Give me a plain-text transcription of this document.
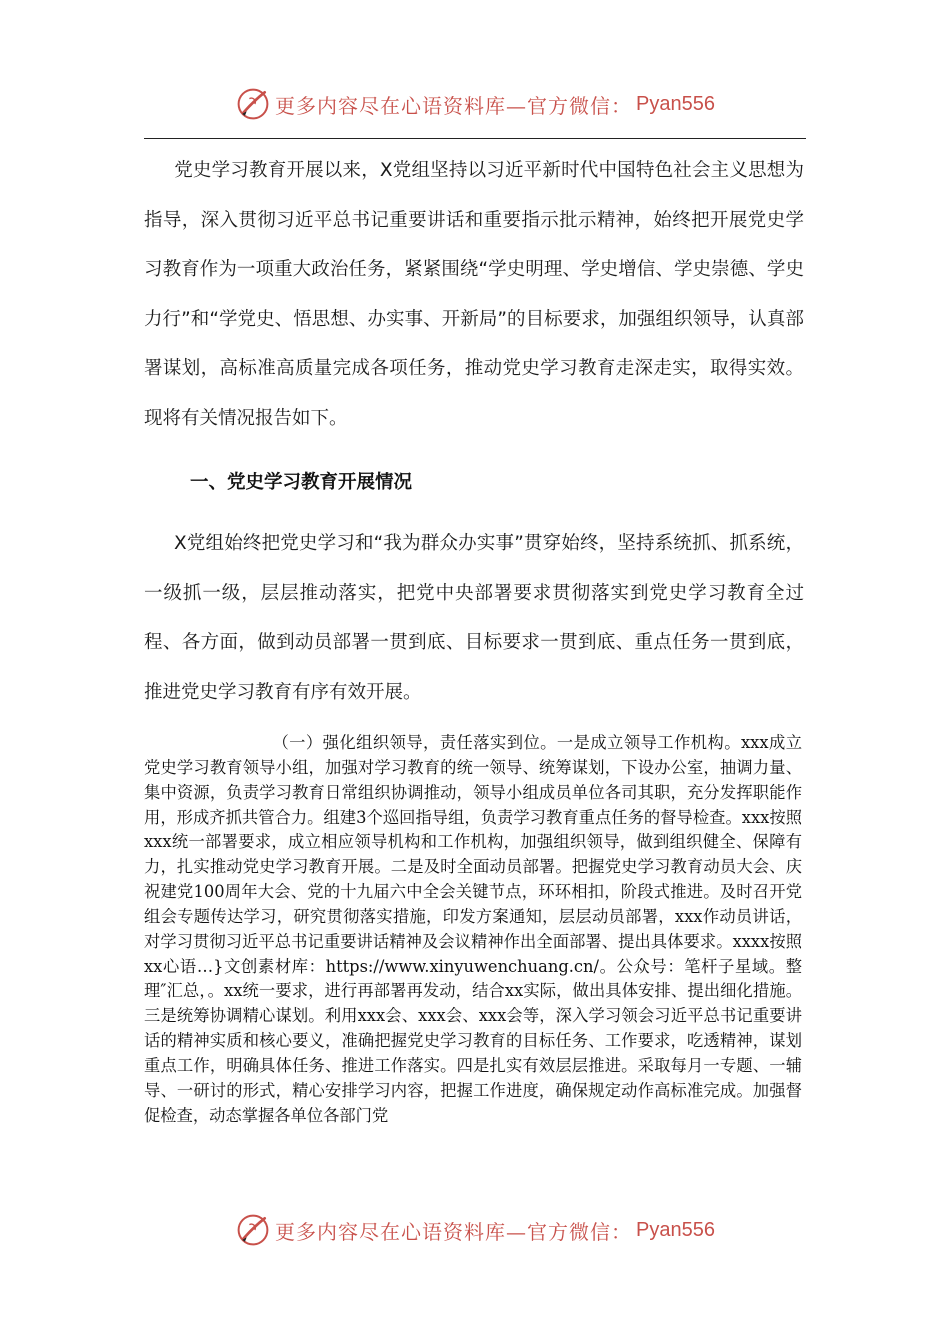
更多内容尽在心语资料库—官方微信： Pyan556

党史学习教育开展以来，X党组坚持以习近平新时代中国特色社会主义思想为指导，深入贯彻习近平总书记重要讲话和重要指示批示精神，始终把开展党史学习教育作为一项重大政治任务，紧紧围绕“学史明理、学史增信、学史崇德、学史力行”和“学党史、悟思想、办实事、开新局”的目标要求，加强组织领导，认真部署谋划，高标准高质量完成各项任务，推动党史学习教育走深走实，取得实效。现将有关情况报告如下。

一、党史学习教育开展情况

X党组始终把党史学习和“我为群众办实事”贯穿始终，坚持系统抓、抓系统，一级抓一级，层层推动落实，把党中央部署要求贯彻落实到党史学习教育全过程、各方面，做到动员部署一贯到底、目标要求一贯到底、重点任务一贯到底，推进党史学习教育有序有效开展。

（一）强化组织领导，责任落实到位。一是成立领导工作机构。xxx成立党史学习教育领导小组，加强对学习教育的统一领导、统筹谋划，下设办公室，抽调力量、集中资源，负责学习教育日常组织协调推动，领导小组成员单位各司其职，充分发挥职能作用，形成齐抓共管合力。组建3个巡回指导组，负责学习教育重点任务的督导检查。xxx按照xxx统一部署要求，成立相应领导机构和工作机构，加强组织领导，做到组织健全、保障有力，扎实推动党史学习教育开展。二是及时全面动员部署。把握党史学习教育动员大会、庆祝建党100周年大会、党的十九届六中全会关键节点，环环相扣，阶段式推进。及时召开党组会专题传达学习，研究贯彻落实措施，印发方案通知，层层动员部署，xxx作动员讲话，对学习贯彻习近平总书记重要讲话精神及会议精神作出全面部署、提出具体要求。xxxx按照xx心语…}文创素材库：https://www.xinyuwenchuang.cn/。公众号：笔杆子星域。整理″汇总，。xx统一要求，进行再部署再发动，结合xx实际，做出具体安排、提出细化措施。三是统筹协调精心谋划。利用xxx会、xxx会、xxx会等，深入学习领会习近平总书记重要讲话的精神实质和核心要义，准确把握党史学习教育的目标任务、工作要求，吃透精神，谋划重点工作，明确具体任务、推进工作落实。四是扎实有效层层推进。采取每月一专题、一辅导、一研讨的形式，精心安排学习内容，把握工作进度，确保规定动作高标准完成。加强督促检查，动态掌握各单位各部门党

更多内容尽在心语资料库—官方微信： Pyan556
